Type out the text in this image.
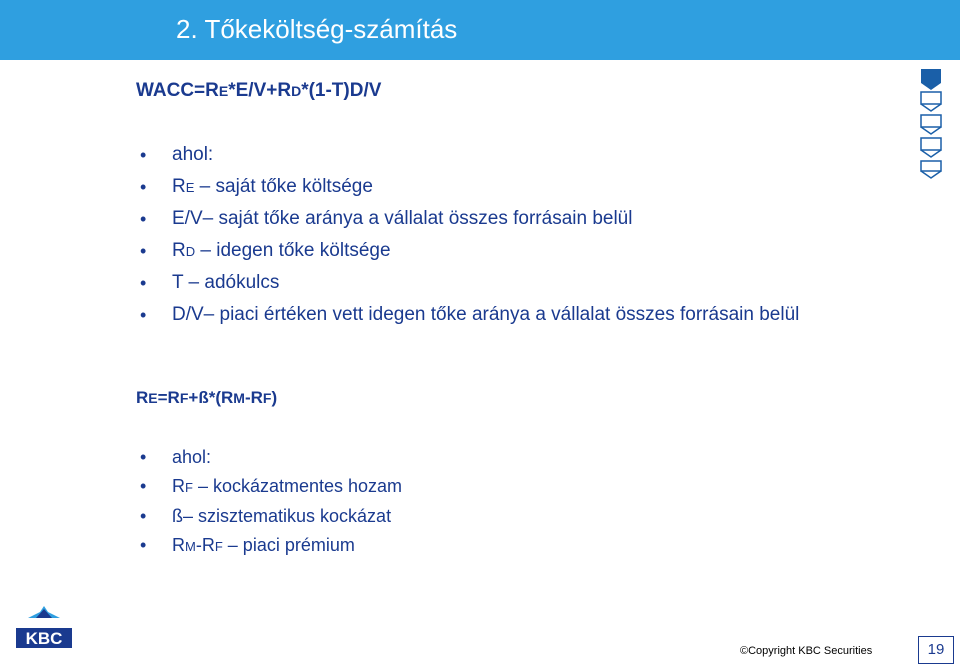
2. Tőkeköltség-számítás
WACC=RE*E/V+RD*(1-T)D/V
• ahol:
• RE – saját tőke költsége
• E/V– saját tőke aránya a vállalat összes forrásain belül
• RD – idegen tőke költsége
• T – adókulcs
• D/V– piaci értéken vett idegen tőke aránya a vállalat összes forrásain belül
RE=RF+ß*(RM-RF)
• ahol:
• RF – kockázatmentes hozam
• ß– szisztematikus kockázat
• RM-RF – piaci prémium
KBC
©Copyright KBC Securities	19
